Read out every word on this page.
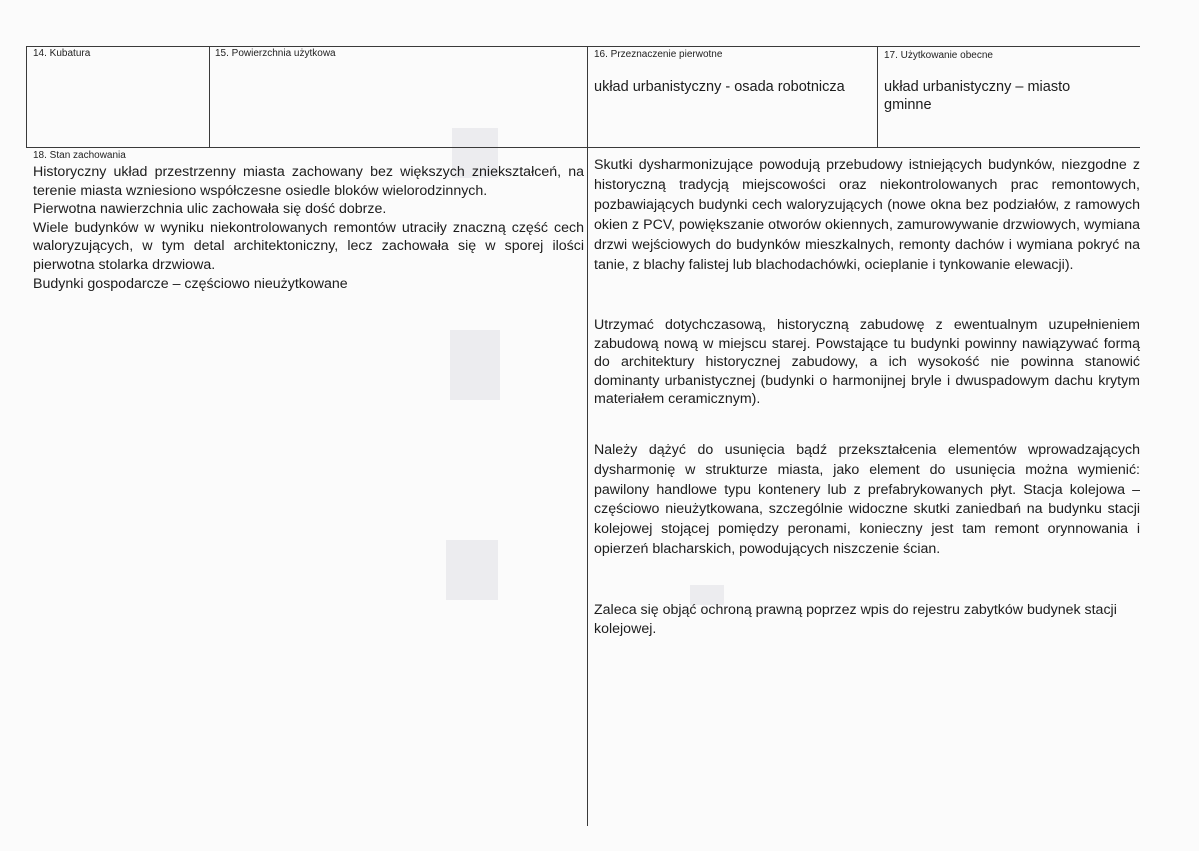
14. Kubatura	15. Powierzchnia użytkowa	16. Przeznaczenie pierwotne
układ urbanistyczny - osada robotnicza
17. Użytkowanie obecne
układ urbanistyczny – miasto gminne
18. Stan zachowania

Historyczny układ przestrzenny miasta zachowany bez większych zniekształceń, na terenie miasta wzniesiono współczesne osiedle bloków wielorodzinnych.

Pierwotna nawierzchnia ulic zachowała się dość dobrze.

Wiele budynków w wyniku niekontrolowanych remontów utraciły znaczną część cech waloryzujących, w tym detal architektoniczny, lecz zachowała się w sporej ilości pierwotna stolarka drzwiowa.

Budynki gospodarcze – częściowo nieużytkowane

Skutki dysharmonizujące powodują przebudowy istniejących budynków, niezgodne z historyczną tradycją miejscowości oraz niekontrolowanych prac remontowych, pozbawiających budynki cech waloryzujących (nowe okna bez podziałów, z ramowych okien z PCV, powiększanie otworów okiennych, zamurowywanie drzwiowych, wymiana drzwi wejściowych do budynków mieszkalnych, remonty dachów i wymiana pokryć na tanie, z blachy falistej lub blachodachówki, ocieplanie i tynkowanie elewacji).
Utrzymać dotychczasową, historyczną zabudowę z ewentualnym uzupełnieniem zabudową nową w miejscu starej. Powstające tu budynki powinny nawiązywać formą do architektury historycznej zabudowy, a ich wysokość nie powinna stanowić dominanty urbanistycznej (budynki o harmonijnej bryle i dwuspadowym dachu krytym materiałem ceramicznym).
Należy dążyć do usunięcia bądź przekształcenia elementów wprowadzających dysharmonię w strukturze miasta, jako element do usunięcia można wymienić: pawilony handlowe typu kontenery lub z prefabrykowanych płyt. Stacja kolejowa – częściowo nieużytkowana, szczególnie widoczne skutki zaniedbań na budynku stacji kolejowej stojącej pomiędzy peronami, konieczny jest tam remont orynnowania i opierzeń blacharskich, powodujących niszczenie ścian.
Zaleca się objąć ochroną prawną poprzez wpis do rejestru zabytków budynek stacji kolejowej.
